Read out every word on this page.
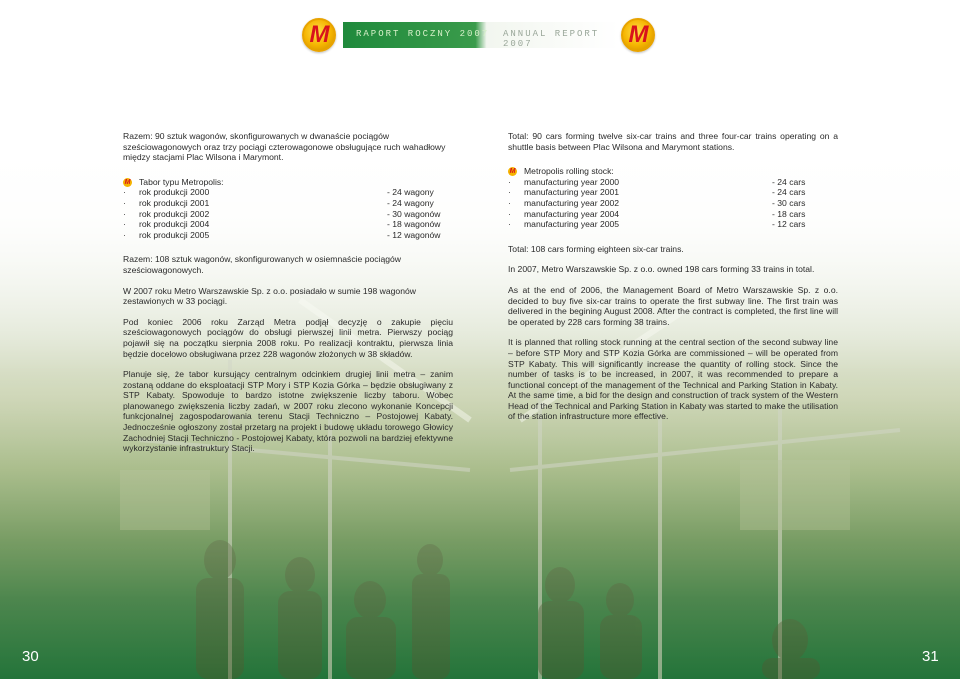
M	RAPORT ROCZNY 2007 ANNUAL REPORT 2007	M

Razem: 90 sztuk wagonów, skonfigurowanych w dwanaście pociągów sześciowagonowych oraz trzy pociągi czterowagonowe obsługujące ruch wahadłowy między stacjami Plac Wilsona i Marymont.

M Tabor typu Metropolis:
· rok produkcji 2000	- 24 wagony
· rok produkcji 2001	- 24 wagony
· rok produkcji 2002	- 30 wagonów
· rok produkcji 2004	- 18 wagonów
· rok produkcji 2005	- 12 wagonów

Razem: 108 sztuk wagonów, skonfigurowanych w osiemnaście pociągów sześciowagonowych.

W 2007 roku Metro Warszawskie Sp. z o.o. posiadało w sumie 198 wagonów zestawionych w 33 pociągi.

Pod koniec 2006 roku Zarząd Metra podjął decyzję o zakupie pięciu sześciowagonowych pociągów do obsługi pierwszej linii metra. Pierwszy pociąg pojawił się na początku sierpnia 2008 roku. Po realizacji kontraktu, pierwsza linia będzie docelowo obsługiwana przez 228 wagonów złożonych w 38 składów.

Planuje się, że tabor kursujący centralnym odcinkiem drugiej linii metra – zanim zostaną oddane do eksploatacji STP Mory i STP Kozia Górka – będzie obsługiwany z STP Kabaty. Spowoduje to bardzo istotne zwiększenie liczby taboru. Wobec planowanego zwiększenia liczby zadań, w 2007 roku zlecono wykonanie Koncepcji funkcjonalnej zagospodarowania terenu Stacji Techniczno – Postojowej Kabaty. Jednocześnie ogłoszony został przetarg na projekt i budowę układu torowego Głowicy Zachodniej Stacji Techniczno - Postojowej Kabaty, która pozwoli na bardziej efektywne wykorzystanie infrastruktury Stacji.

Total: 90 cars forming twelve six-car trains and three four-car trains operating on a shuttle basis between Plac Wilsona and Marymont stations.

M Metropolis rolling stock:
· manufacturing year 2000	- 24 cars
· manufacturing year 2001	- 24 cars
· manufacturing year 2002	- 30 cars
· manufacturing year 2004	- 18 cars
· manufacturing year 2005	- 12 cars

Total: 108 cars forming eighteen six-car trains.

In 2007, Metro Warszawskie Sp. z o.o. owned 198 cars forming 33 trains in total.

As at the end of 2006, the Management Board of Metro Warszawskie Sp. z o.o. decided to buy five six-car trains to operate the first subway line. The first train was delivered in the begining August 2008. After the contract is completed, the first line will be operated by 228 cars forming 38 trains.

It is planned that rolling stock running at the central section of the second subway line – before STP Mory and STP Kozia Górka are commissioned – will be operated from STP Kabaty. This will significantly increase the quantity of rolling stock. Since the number of tasks is to be increased, in 2007, it was recommended to prepare a functional concept of the management of the Technical and Parking Station in Kabaty. At the same time, a bid for the design and construction of track system of the Western Head of the Technical and Parking Station in Kabaty was started to make the utilisation of the station infrastructure more effective.

30	31
